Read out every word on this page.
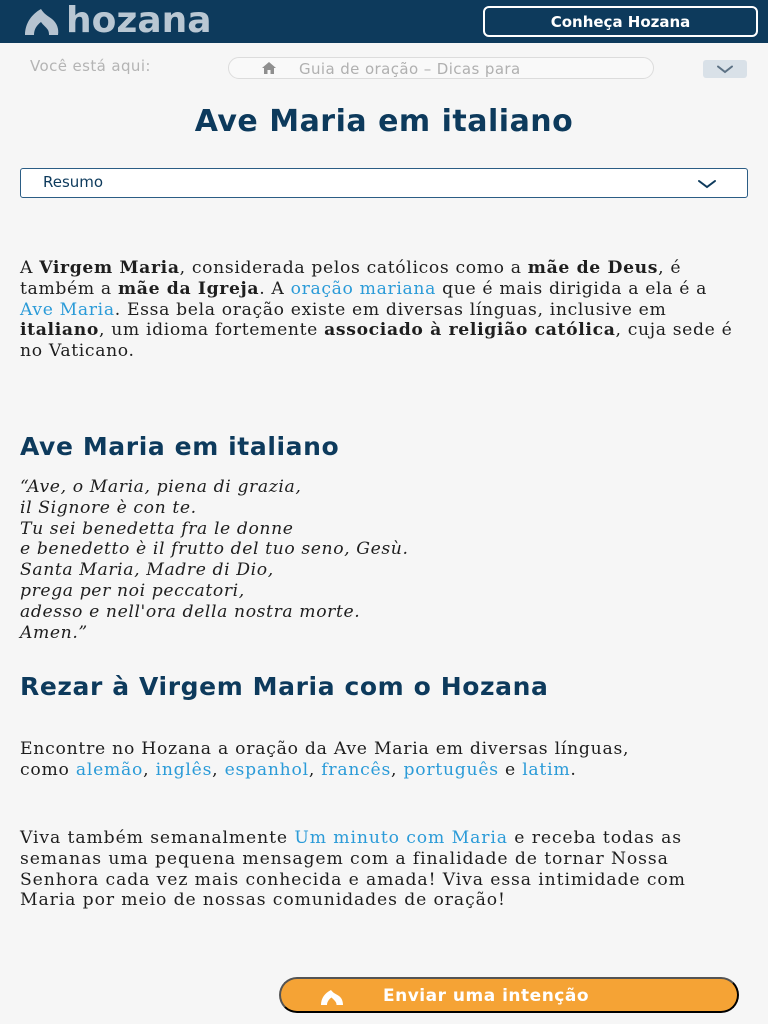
hozana	Conheça Hozana
Você está aqui:	Guia de oração – Dicas para
Ave Maria em italiano
Resumo

A Virgem Maria, considerada pelos católicos como a mãe de Deus, é também a mãe da Igreja. A oração mariana que é mais dirigida a ela é a Ave Maria. Essa bela oração existe em diversas línguas, inclusive em italiano, um idioma fortemente associado à religião católica, cuja sede é no Vaticano.

Ave Maria em italiano
“Ave, o Maria, piena di grazia,
il Signore è con te.
Tu sei benedetta fra le donne
e benedetto è il frutto del tuo seno, Gesù.
Santa Maria, Madre di Dio,
prega per noi peccatori,
adesso e nell'ora della nostra morte.
Amen.”
Rezar à Virgem Maria com o Hozana

Encontre no Hozana a oração da Ave Maria em diversas línguas,
como alemão, inglês, espanhol, francês, português e latim.

Viva também semanalmente Um minuto com Maria e receba todas as semanas uma pequena mensagem com a finalidade de tornar Nossa Senhora cada vez mais conhecida e amada! Viva essa intimidade com Maria por meio de nossas comunidades de oração!

Enviar uma intenção
